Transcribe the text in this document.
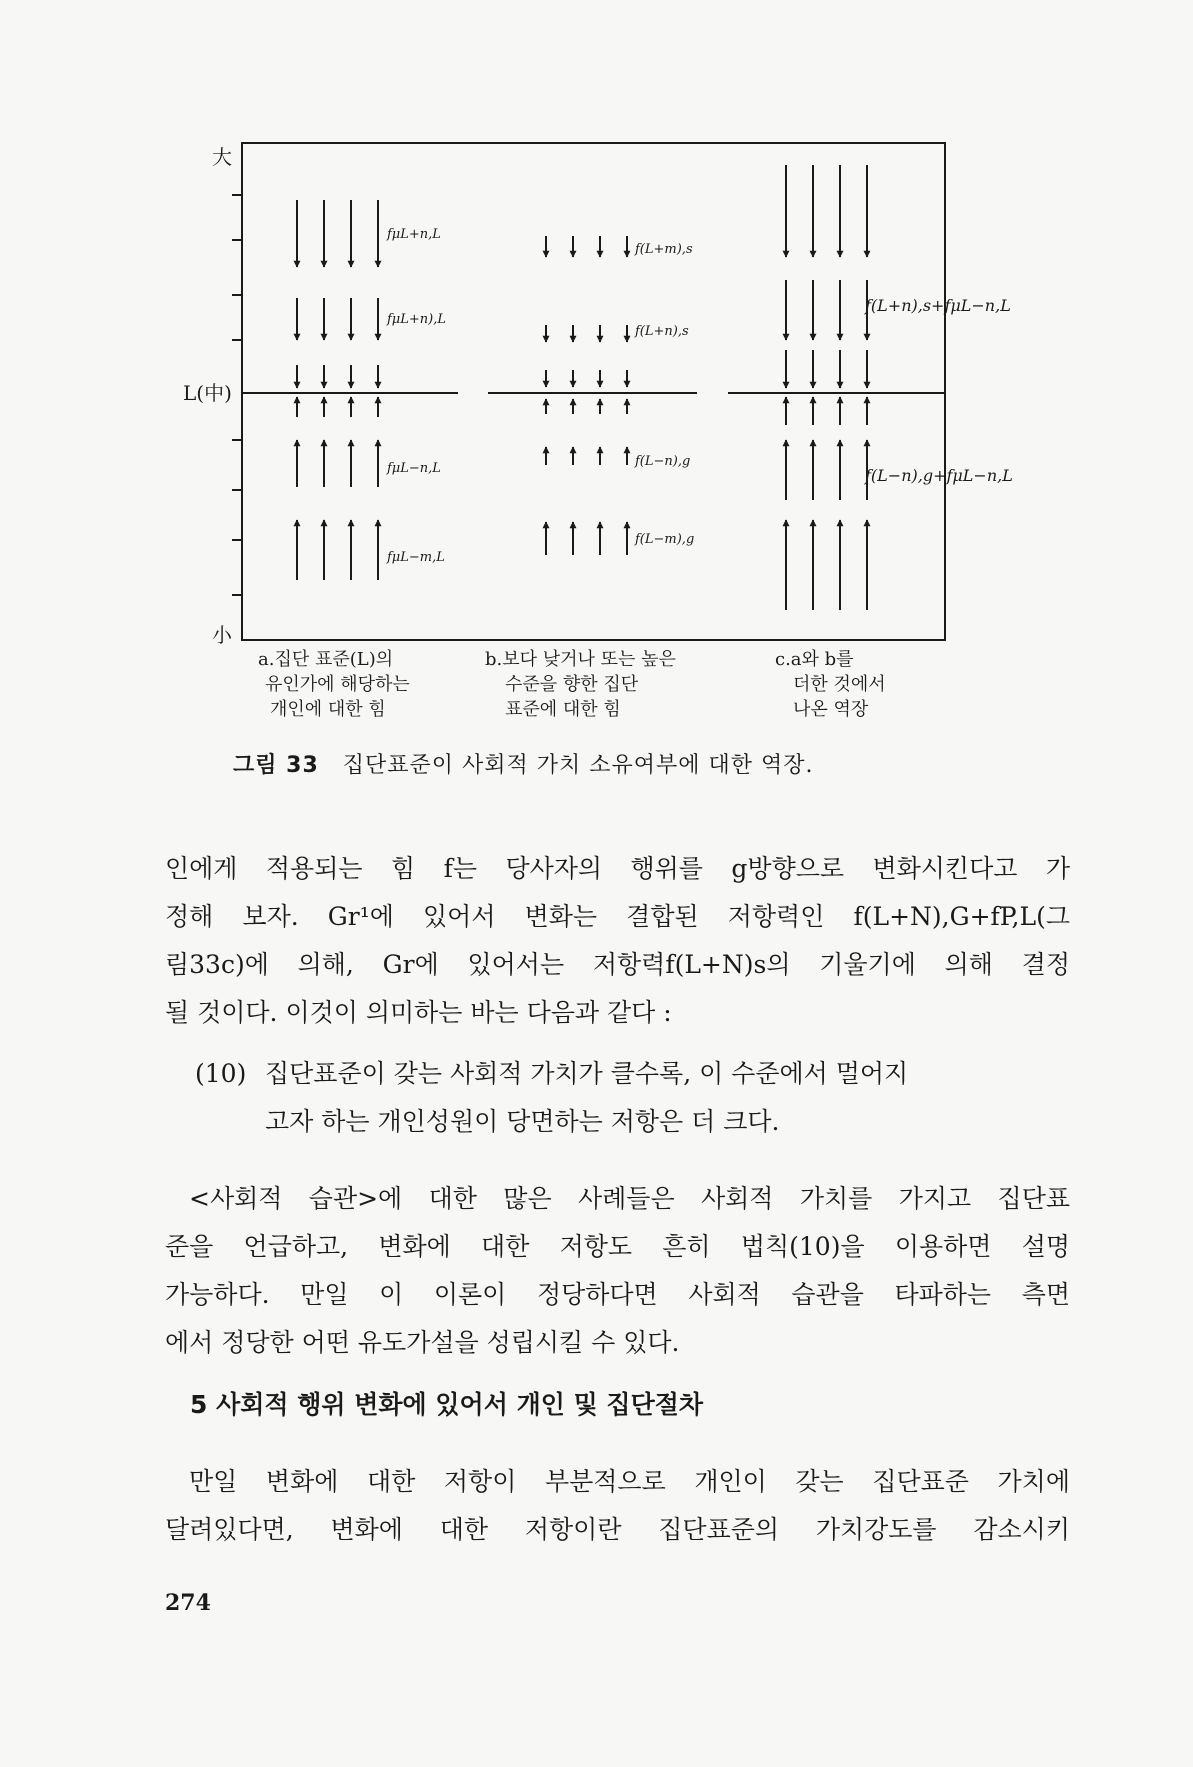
大
L(中)
小
fμL+n,L
fμL+n),L
fμL−n,L
fμL−m,L
f(L+m),s
f(L+n),s
f(L−n),g
f(L−m),g
f(L+n),s+fμL−n,L
f(L−n),g+fμL−n,L
a.집단 표준(L)의
유인가에 해당하는
개인에 대한 힘
b.보다 낮거나 또는 높은
수준을 향한 집단
표준에 대한 힘
c.a와 b를
더한 것에서
나온 역장
그림 33 집단표준이 사회적 가치 소유여부에 대한 역장.
인에게 적용되는 힘 f는 당사자의 행위를 g방향으로 변화시킨다고 가
정해 보자. Gr¹에 있어서 변화는 결합된 저항력인 f(L+N),G+fP,L(그
림33c)에 의해, Gr에 있어서는 저항력f(L+N)s의 기울기에 의해 결정
될 것이다. 이것이 의미하는 바는 다음과 같다 :
(10) 집단표준이 갖는 사회적 가치가 클수록, 이 수준에서 멀어지
고자 하는 개인성원이 당면하는 저항은 더 크다.
<사회적 습관>에 대한 많은 사례들은 사회적 가치를 가지고 집단표
준을 언급하고, 변화에 대한 저항도 흔히 법칙(10)을 이용하면 설명
가능하다. 만일 이 이론이 정당하다면 사회적 습관을 타파하는 측면
에서 정당한 어떤 유도가설을 성립시킬 수 있다.
5 사회적 행위 변화에 있어서 개인 및 집단절차
만일 변화에 대한 저항이 부분적으로 개인이 갖는 집단표준 가치에
달려있다면, 변화에 대한 저항이란 집단표준의 가치강도를 감소시키
274
